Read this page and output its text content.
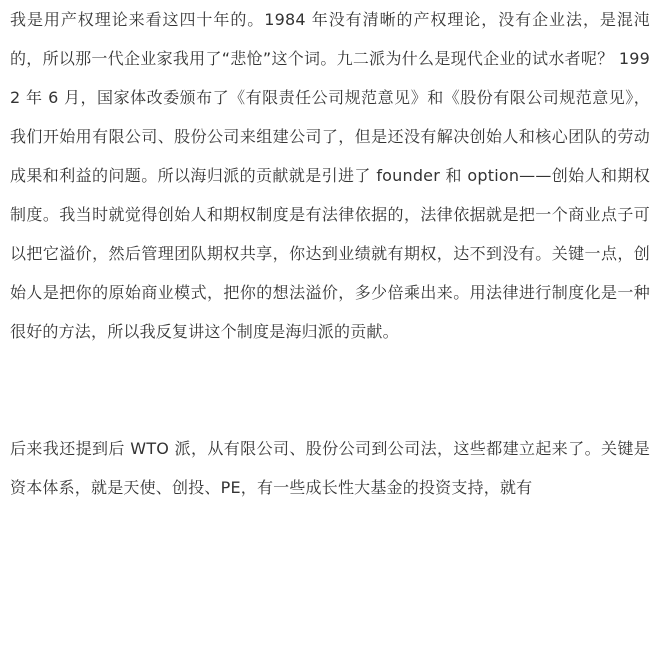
我是用产权理论来看这四十年的。1984 年没有清晰的产权理论，没有企业法，是混沌的，所以那一代企业家我用了“悲怆”这个词。九二派为什么是现代企业的试水者呢？ 1992 年 6 月，国家体改委颁布了《有限责任公司规范意见》和《股份有限公司规范意见》，我们开始用有限公司、股份公司来组建公司了，但是还没有解决创始人和核心团队的劳动成果和利益的问题。所以海归派的贡献就是引进了 founder 和 option——创始人和期权制度。我当时就觉得创始人和期权制度是有法律依据的，法律依据就是把一个商业点子可以把它溢价，然后管理团队期权共享，你达到业绩就有期权，达不到没有。关键一点，创始人是把你的原始商业模式，把你的想法溢价，多少倍乘出来。用法律进行制度化是一种很好的方法，所以我反复讲这个制度是海归派的贡献。

后来我还提到后 WTO 派，从有限公司、股份公司到公司法，这些都建立起来了。关键是资本体系，就是天使、创投、PE，有一些成长性大基金的投资支持，就有
